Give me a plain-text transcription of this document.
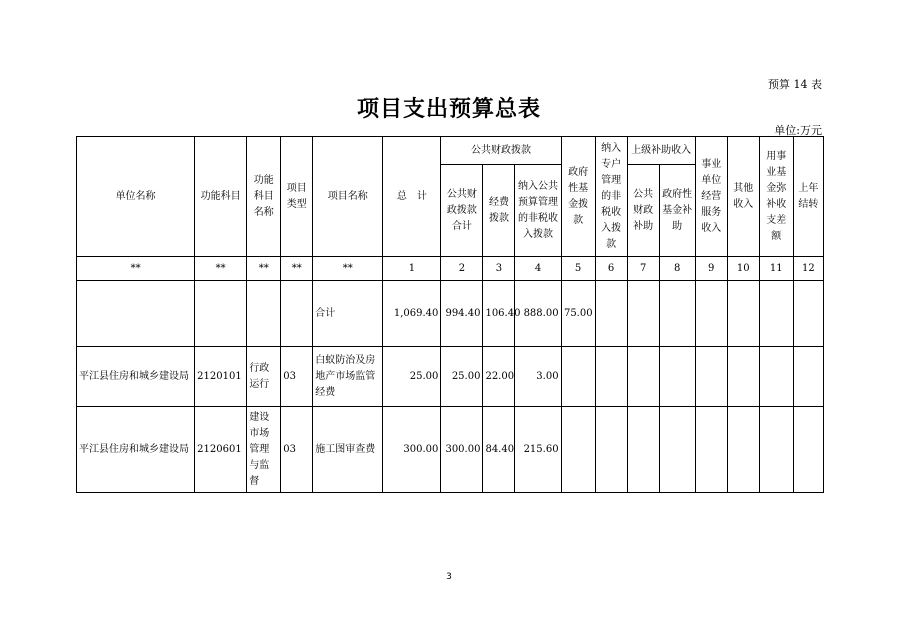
预算 14 表
项目支出预算总表
单位:万元
单位名称	功能科目	功能科目名称	项目类型	项目名称	总　计	公共财政拨款			政府性基金拨款	纳入专户管理的非税收入拨款	上级补助收入		事业单位经营服务收入	其他收入	用事业基金弥补收支差额	上年结转
						公共财政拨款合计	经费拨款	纳入公共预算管理的非税收入拨款			公共财政补助	政府性基金补助				
**	**	**	**	**	1	2	3	4	5	6	7	8	9	10	11	12
				合计	1,069.40	994.40	106.40	888.00	75.00							
平江县住房和城乡建设局	2120101	行政运行	03	白蚁防治及房地产市场监管经费	25.00	25.00	22.00	3.00								
平江县住房和城乡建设局	2120601	建设市场管理与监督	03	施工图审查费	300.00	300.00	84.40	215.60								
3
